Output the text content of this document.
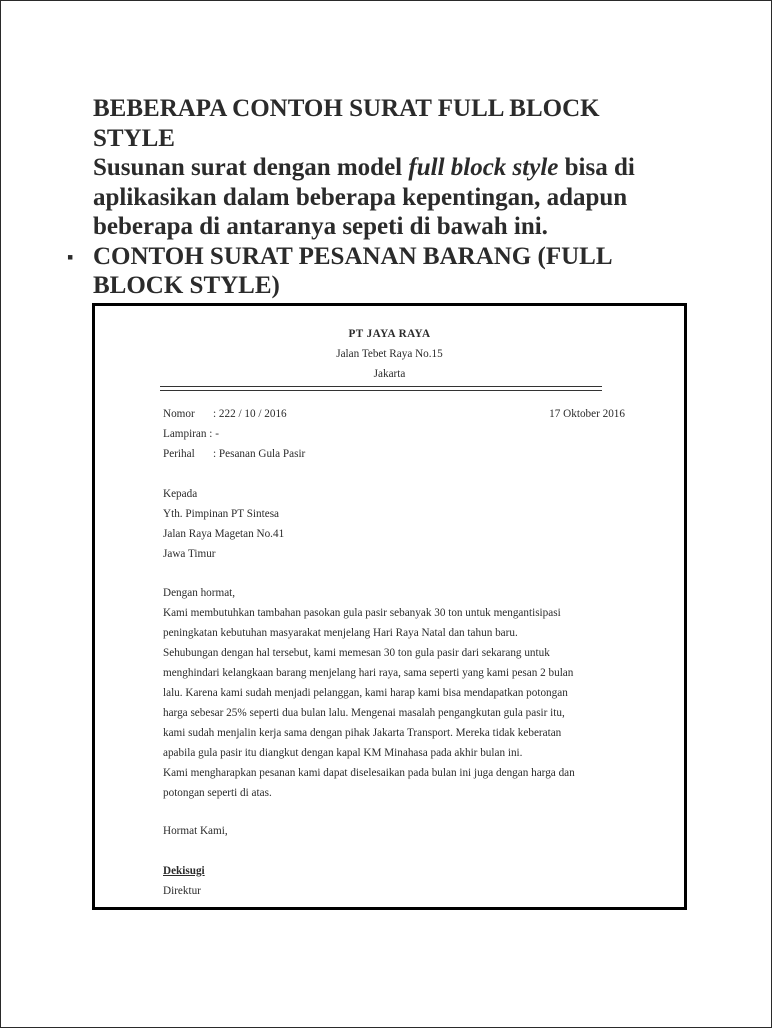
BEBERAPA CONTOH SURAT FULL BLOCK
STYLE
Susunan surat dengan model full block style bisa di
aplikasikan dalam beberapa kepentingan, adapun
beberapa di antaranya sepeti di bawah ini.
▪ CONTOH SURAT PESANAN BARANG (FULL
BLOCK STYLE)
PT JAYA RAYA
Jalan Tebet Raya No.15
Jakarta
Nomor : 222 / 10 / 2016	17 Oktober 2016
Lampiran : -
Perihal : Pesanan Gula Pasir
Kepada
Yth. Pimpinan PT Sintesa
Jalan Raya Magetan No.41
Jawa Timur

Dengan hormat,

Kami membutuhkan tambahan pasokan gula pasir sebanyak 30 ton untuk mengantisipasi

peningkatan kebutuhan masyarakat menjelang Hari Raya Natal dan tahun baru.

Sehubungan dengan hal tersebut, kami memesan 30 ton gula pasir dari sekarang untuk

menghindari kelangkaan barang menjelang hari raya, sama seperti yang kami pesan 2 bulan

lalu. Karena kami sudah menjadi pelanggan, kami harap kami bisa mendapatkan potongan

harga sebesar 25% seperti dua bulan lalu. Mengenai masalah pengangkutan gula pasir itu,

kami sudah menjalin kerja sama dengan pihak Jakarta Transport. Mereka tidak keberatan

apabila gula pasir itu diangkut dengan kapal KM Minahasa pada akhir bulan ini.

Kami mengharapkan pesanan kami dapat diselesaikan pada bulan ini juga dengan harga dan

potongan seperti di atas.

Hormat Kami,
Dekisugi
Direktur
